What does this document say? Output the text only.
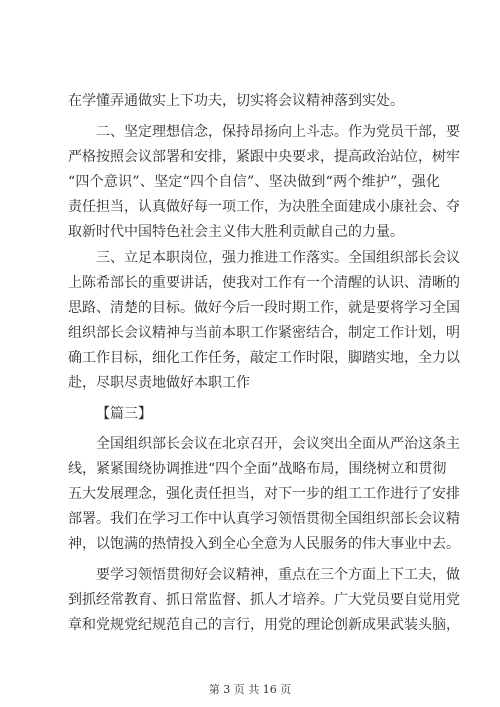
在学懂弄通做实上下功夫，切实将会议精神落到实处。
二、坚定理想信念，保持昂扬向上斗志。作为党员干部，要
严格按照会议部署和安排，紧跟中央要求，提高政治站位，树牢
“四个意识”、坚定“四个自信”、坚决做到“两个维护”，强化
责任担当，认真做好每一项工作，为决胜全面建成小康社会、夺
取新时代中国特色社会主义伟大胜利贡献自己的力量。
三、立足本职岗位，强力推进工作落实。全国组织部长会议
上陈希部长的重要讲话，使我对工作有一个清醒的认识、清晰的
思路、清楚的目标。做好今后一段时期工作，就是要将学习全国
组织部长会议精神与当前本职工作紧密结合，制定工作计划，明
确工作目标，细化工作任务，敲定工作时限，脚踏实地，全力以
赴，尽职尽责地做好本职工作
【篇三】
全国组织部长会议在北京召开，会议突出全面从严治这条主
线，紧紧围绕协调推进“四个全面”战略布局，围绕树立和贯彻
五大发展理念，强化责任担当，对下一步的组工工作进行了安排
部署。我们在学习工作中认真学习领悟贯彻全国组织部长会议精
神，以饱满的热情投入到全心全意为人民服务的伟大事业中去。
要学习领悟贯彻好会议精神，重点在三个方面上下工夫，做
到抓经常教育、抓日常监督、抓人才培养。广大党员要自觉用党
章和党规党纪规范自己的言行，用党的理论创新成果武装头脑，
第 3 页 共 16 页
